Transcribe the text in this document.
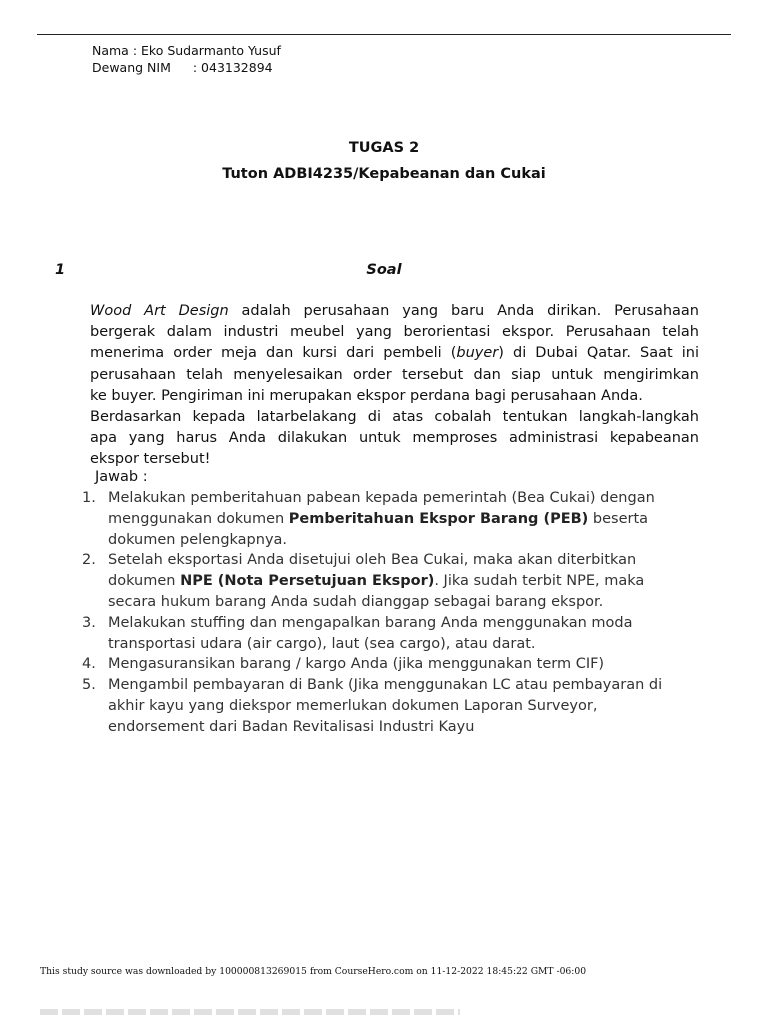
Nama : Eko Sudarmanto Yusuf
Dewang NIM : 043132894
TUGAS 2
Tuton ADBI4235/Kepabeanan dan Cukai
1	Soal
Wood Art Design adalah perusahaan yang baru Anda dirikan. Perusahaan
bergerak dalam industri meubel yang berorientasi ekspor. Perusahaan telah
menerima order meja dan kursi dari pembeli (buyer) di Dubai Qatar. Saat ini
perusahaan telah menyelesaikan order tersebut dan siap untuk mengirimkan
ke buyer. Pengiriman ini merupakan ekspor perdana bagi perusahaan Anda.
Berdasarkan kepada latarbelakang di atas cobalah tentukan langkah-langkah
apa yang harus Anda dilakukan untuk memproses administrasi kepabeanan
ekspor tersebut!
Jawab :
1. Melakukan pemberitahuan pabean kepada pemerintah (Bea Cukai) dengan
menggunakan dokumen Pemberitahuan Ekspor Barang (PEB) beserta
dokumen pelengkapnya.
2. Setelah eksportasi Anda disetujui oleh Bea Cukai, maka akan diterbitkan
dokumen NPE (Nota Persetujuan Ekspor). Jika sudah terbit NPE, maka
secara hukum barang Anda sudah dianggap sebagai barang ekspor.
3. Melakukan stuffing dan mengapalkan barang Anda menggunakan moda
transportasi udara (air cargo), laut (sea cargo), atau darat.
4. Mengasuransikan barang / kargo Anda (jika menggunakan term CIF)
5. Mengambil pembayaran di Bank (Jika menggunakan LC atau pembayaran di
akhir kayu yang diekspor memerlukan dokumen Laporan Surveyor,
endorsement dari Badan Revitalisasi Industri Kayu
This study source was downloaded by 100000813269015 from CourseHero.com on 11-12-2022 18:45:22 GMT -06:00
